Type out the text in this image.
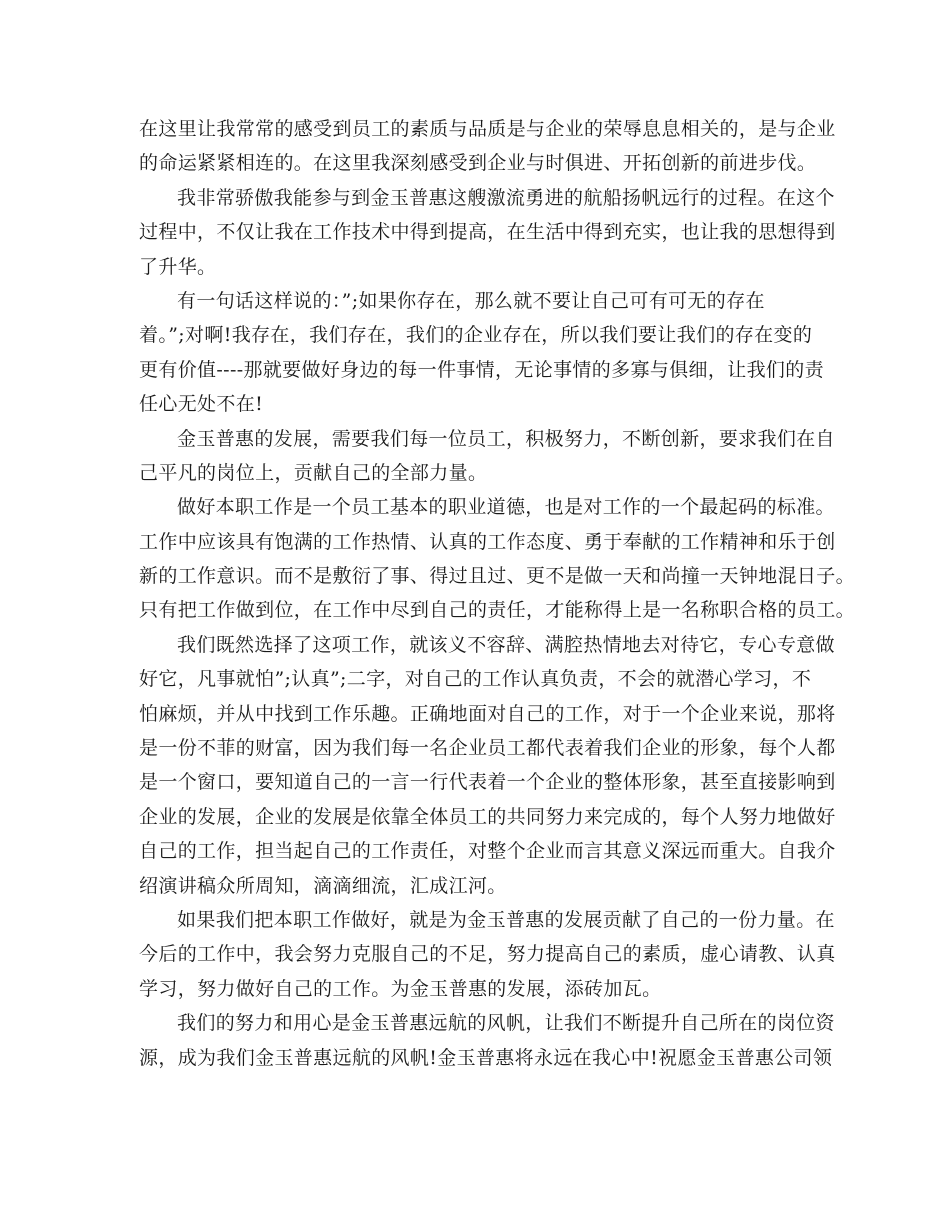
在这里让我常常的感受到员工的素质与品质是与企业的荣辱息息相关的，是与企业
的命运紧紧相连的。在这里我深刻感受到企业与时俱进、开拓创新的前进步伐。
我非常骄傲我能参与到金玉普惠这艘激流勇进的航船扬帆远行的过程。在这个
过程中，不仅让我在工作技术中得到提高，在生活中得到充实，也让我的思想得到
了升华。
有一句话这样说的：”;如果你存在，那么就不要让自己可有可无的存在
着。”;对啊!我存在，我们存在，我们的企业存在，所以我们要让我们的存在变的
更有价值----那就要做好身边的每一件事情，无论事情的多寡与俱细，让我们的责
任心无处不在!
金玉普惠的发展，需要我们每一位员工，积极努力，不断创新，要求我们在自
己平凡的岗位上，贡献自己的全部力量。
做好本职工作是一个员工基本的职业道德，也是对工作的一个最起码的标准。
工作中应该具有饱满的工作热情、认真的工作态度、勇于奉献的工作精神和乐于创
新的工作意识。而不是敷衍了事、得过且过、更不是做一天和尚撞一天钟地混日子。
只有把工作做到位，在工作中尽到自己的责任，才能称得上是一名称职合格的员工。
我们既然选择了这项工作，就该义不容辞、满腔热情地去对待它，专心专意做
好它，凡事就怕”;认真”;二字，对自己的工作认真负责，不会的就潜心学习，不
怕麻烦，并从中找到工作乐趣。正确地面对自己的工作，对于一个企业来说，那将
是一份不菲的财富，因为我们每一名企业员工都代表着我们企业的形象，每个人都
是一个窗口，要知道自己的一言一行代表着一个企业的整体形象，甚至直接影响到
企业的发展，企业的发展是依靠全体员工的共同努力来完成的，每个人努力地做好
自己的工作，担当起自己的工作责任，对整个企业而言其意义深远而重大。自我介
绍演讲稿众所周知，滴滴细流，汇成江河。
如果我们把本职工作做好，就是为金玉普惠的发展贡献了自己的一份力量。在
今后的工作中，我会努力克服自己的不足，努力提高自己的素质，虚心请教、认真
学习，努力做好自己的工作。为金玉普惠的发展，添砖加瓦。
我们的努力和用心是金玉普惠远航的风帆，让我们不断提升自己所在的岗位资
源，成为我们金玉普惠远航的风帆!金玉普惠将永远在我心中!祝愿金玉普惠公司领
